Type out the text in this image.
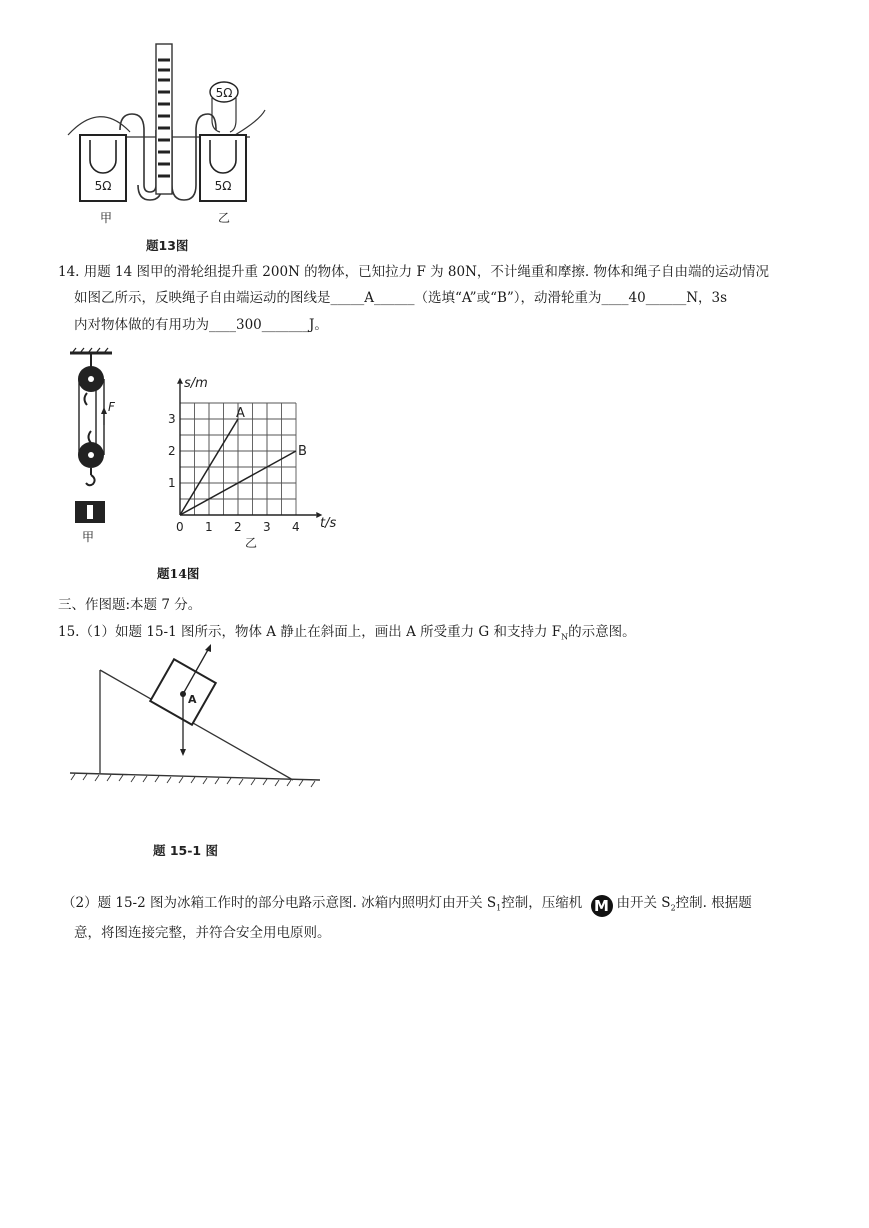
5Ω
5Ω	5Ω
甲	乙
题13图
14. 用题 14 图甲的滑轮组提升重 200N 的物体，已知拉力 F 为 80N，不计绳重和摩擦. 物体和绳子自由端的运动情况
如图乙所示，反映绳子自由端运动的图线是_____A______（选填“A”或“B”），动滑轮重为____40______N，3s
内对物体做的有用功为____300_______J。
F
甲
0 1 2 3 4
1
2
3	A
B
s/m
t/s
乙
题14图
三、作图题:本题 7 分。
15.（1）如题 15-1 图所示，物体 A 静止在斜面上，画出 A 所受重力 G 和支持力 $F_N$的示意图。
A
题 15-1 图
（2）题 15-2 图为冰箱工作时的部分电路示意图. 冰箱内照明灯由开关 $S_1$控制，压缩机 M 由开关 $S_2$控制. 根据题
意，将图连接完整，并符合安全用电原则。
